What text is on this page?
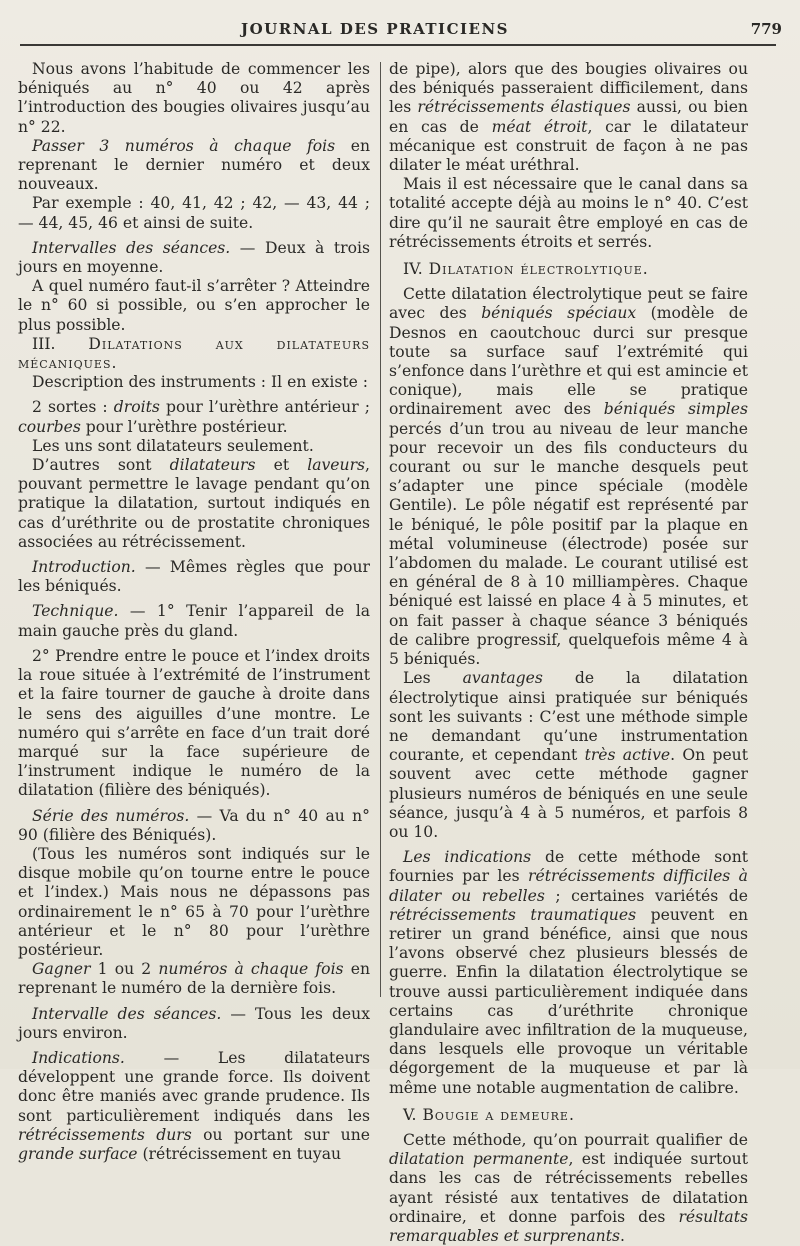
JOURNAL DES PRATICIENS	779

Nous avons l’habitude de commencer les béniqués au n° 40 ou 42 après l’introduction des bougies olivaires jusqu’au n° 22.

Passer 3 numéros à chaque fois en reprenant le dernier numéro et deux nouveaux.

Par exemple : 40, 41, 42 ; 42, — 43, 44 ; — 44, 45, 46 et ainsi de suite.

Intervalles des séances. — Deux à trois jours en moyenne.

A quel numéro faut-il s’arrêter ? Atteindre le n° 60 si possible, ou s’en approcher le plus possible.

III. Dilatations aux dilatateurs mécaniques.

Description des instruments : Il en existe :

2 sortes : droits pour l’urèthre antérieur ; courbes pour l’urèthre postérieur.

Les uns sont dilatateurs seulement.

D’autres sont dilatateurs et laveurs, pouvant permettre le lavage pendant qu’on pratique la dilatation, surtout indiqués en cas d’uréthrite ou de prostatite chroniques associées au rétrécissement.

Introduction. — Mêmes règles que pour les béniqués.

Technique. — 1° Tenir l’appareil de la main gauche près du gland.

2° Prendre entre le pouce et l’index droits la roue située à l’extrémité de l’instrument et la faire tourner de gauche à droite dans le sens des aiguilles d’une montre. Le numéro qui s’arrête en face d’un trait doré marqué sur la face supérieure de l’instrument indique le numéro de la dilatation (filière des béniqués).

Série des numéros. — Va du n° 40 au n° 90 (filière des Béniqués).

(Tous les numéros sont indiqués sur le disque mobile qu’on tourne entre le pouce et l’index.) Mais nous ne dépassons pas ordinairement le n° 65 à 70 pour l’urèthre antérieur et le n° 80 pour l’urèthre postérieur.

Gagner 1 ou 2 numéros à chaque fois en reprenant le numéro de la dernière fois.

Intervalle des séances. — Tous les deux jours environ.

Indications. — Les dilatateurs développent une grande force. Ils doivent donc être maniés avec grande prudence. Ils sont particulièrement indiqués dans les rétrécissements durs ou portant sur une grande surface (rétrécissement en tuyau

de pipe), alors que des bougies olivaires ou des béniqués passeraient difficilement, dans les rétrécissements élastiques aussi, ou bien en cas de méat étroit, car le dilatateur mécanique est construit de façon à ne pas dilater le méat uréthral.

Mais il est nécessaire que le canal dans sa totalité accepte déjà au moins le n° 40. C’est dire qu’il ne saurait être employé en cas de rétrécissements étroits et serrés.

IV. Dilatation électrolytique.

Cette dilatation électrolytique peut se faire avec des béniqués spéciaux (modèle de Desnos en caoutchouc durci sur presque toute sa surface sauf l’extrémité qui s’enfonce dans l’urèthre et qui est amincie et conique), mais elle se pratique ordinairement avec des béniqués simples percés d’un trou au niveau de leur manche pour recevoir un des fils conducteurs du courant ou sur le manche desquels peut s’adapter une pince spéciale (modèle Gentile). Le pôle négatif est représenté par le béniqué, le pôle positif par la plaque en métal volumineuse (électrode) posée sur l’abdomen du malade. Le courant utilisé est en général de 8 à 10 milliampères. Chaque béniqué est laissé en place 4 à 5 minutes, et on fait passer à chaque séance 3 béniqués de calibre progressif, quelquefois même 4 à 5 béniqués.

Les avantages de la dilatation électrolytique ainsi pratiquée sur béniqués sont les suivants : C’est une méthode simple ne demandant qu’une instrumentation courante, et cependant très active. On peut souvent avec cette méthode gagner plusieurs numéros de béniqués en une seule séance, jusqu’à 4 à 5 numéros, et parfois 8 ou 10.

Les indications de cette méthode sont fournies par les rétrécissements difficiles à dilater ou rebelles ; certaines variétés de rétrécissements traumatiques peuvent en retirer un grand bénéfice, ainsi que nous l’avons observé chez plusieurs blessés de guerre. Enfin la dilatation électrolytique se trouve aussi particulièrement indiquée dans certains cas d’uréthrite chronique glandulaire avec infiltration de la muqueuse, dans lesquels elle provoque un véritable dégorgement de la muqueuse et par là même une notable augmentation de calibre.

V. Bougie a demeure.

Cette méthode, qu’on pourrait qualifier de dilatation permanente, est indiquée surtout dans les cas de rétrécissements rebelles ayant résisté aux tentatives de dilatation ordinaire, et donne parfois des résultats remarquables et surprenants.
